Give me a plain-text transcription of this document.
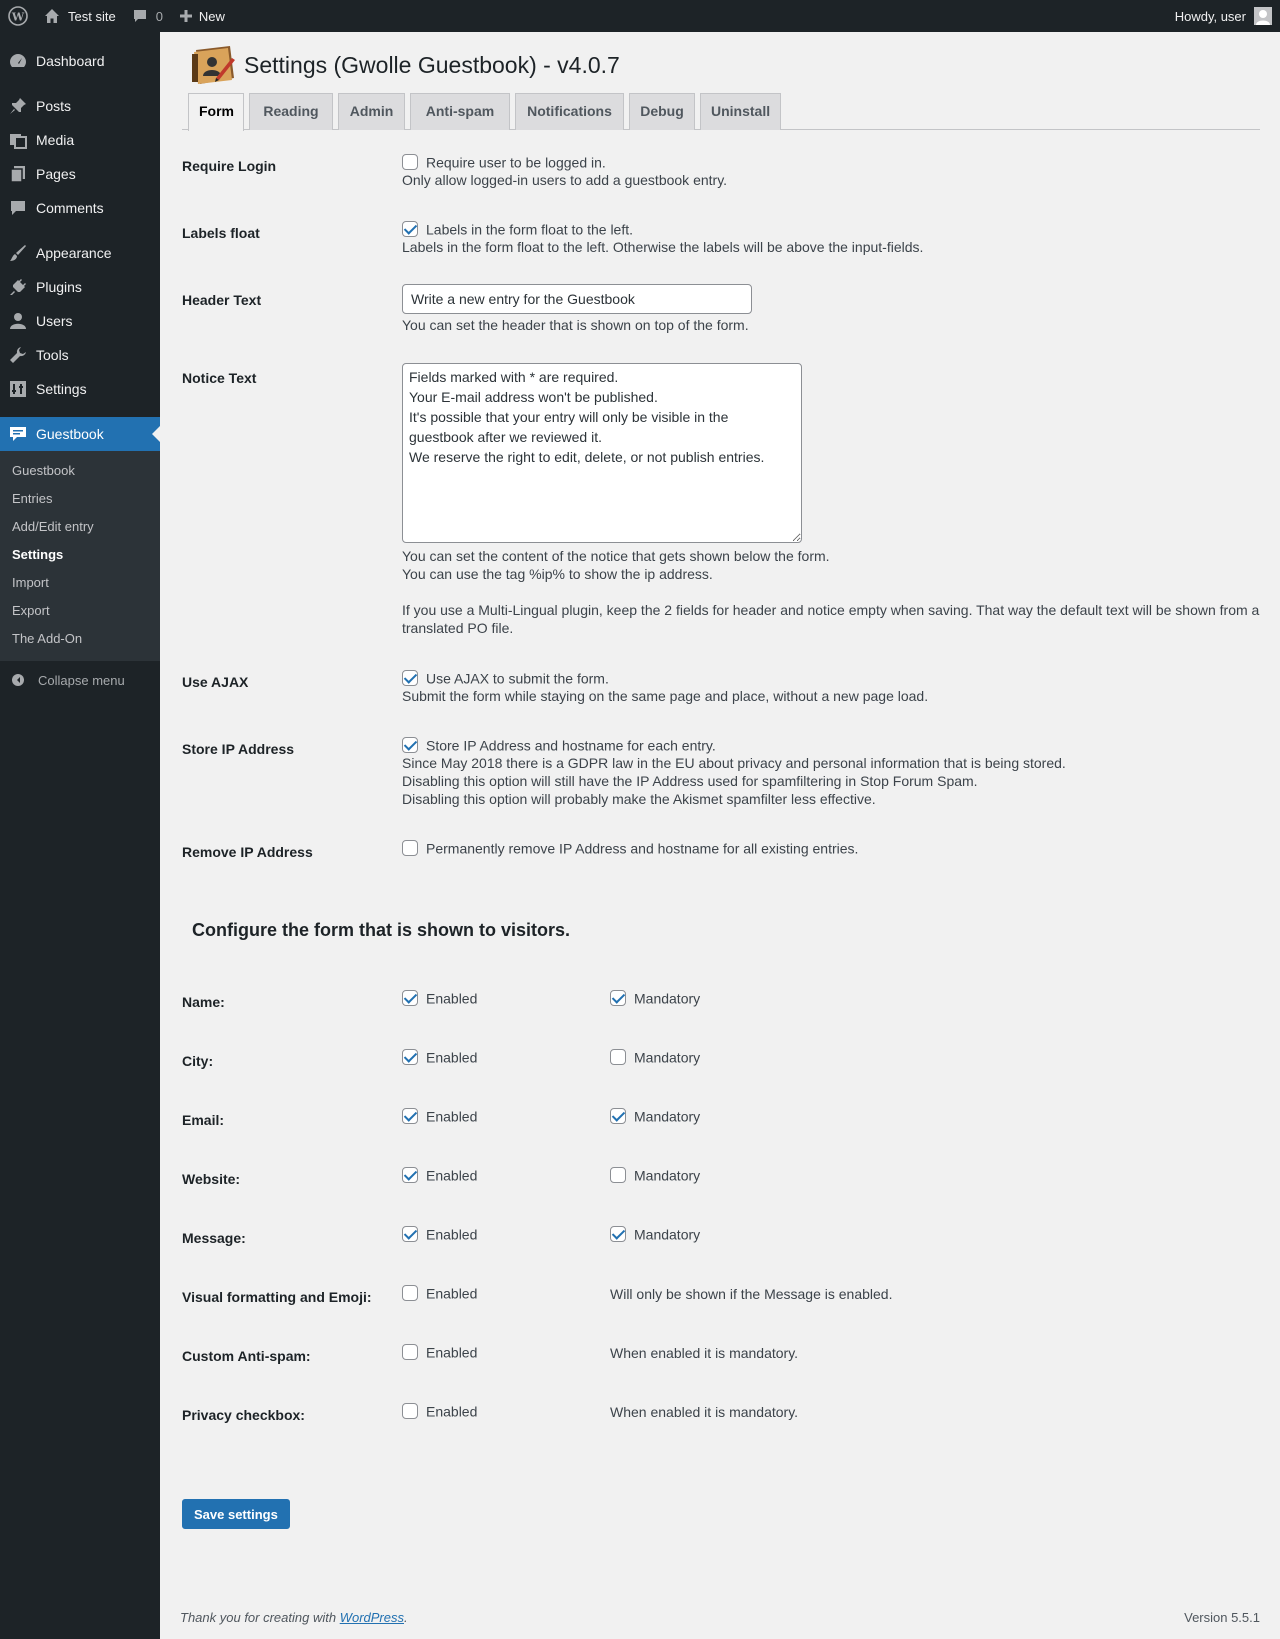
W	Test site	0	New	Howdy, user
Dashboard
Posts
Media
Pages
Comments
Appearance
Plugins
Users
Tools
Settings
Guestbook
Guestbook
Entries
Add/Edit entry
Settings
Import
Export
The Add-On
Collapse menu
Settings (Gwolle Guestbook) - v4.0.7
Form	Reading	Admin	Anti-spam	Notifications	Debug	Uninstall
Require Login	Require user to be logged in.
Only allow logged-in users to add a guestbook entry.
Labels float	Labels in the form float to the left.
Labels in the form float to the left. Otherwise the labels will be above the input-fields.
Header Text
Write a new entry for the Guestbook
You can set the header that is shown on top of the form.
Notice Text
Fields marked with * are required. Your E-mail address won't be published. It's possible that your entry will only be visible in the guestbook after we reviewed it. We reserve the right to edit, delete, or not publish entries.
You can set the content of the notice that gets shown below the form.
You can use the tag %ip% to show the ip address.
If you use a Multi-Lingual plugin, keep the 2 fields for header and notice empty when saving. That way the default text will be shown from a translated PO file.
Use AJAX	Use AJAX to submit the form.
Submit the form while staying on the same page and place, without a new page load.
Store IP Address	Store IP Address and hostname for each entry.
Since May 2018 there is a GDPR law in the EU about privacy and personal information that is being stored.
Disabling this option will still have the IP Address used for spamfiltering in Stop Forum Spam.
Disabling this option will probably make the Akismet spamfilter less effective.
Remove IP Address	Permanently remove IP Address and hostname for all existing entries.
Configure the form that is shown to visitors.
Name:	Enabled	Mandatory
City:	Enabled	Mandatory
Email:	Enabled	Mandatory
Website:	Enabled	Mandatory
Message:	Enabled	Mandatory
Visual formatting and Emoji:	Enabled	Will only be shown if the Message is enabled.
Custom Anti-spam:	Enabled	When enabled it is mandatory.
Privacy checkbox:	Enabled	When enabled it is mandatory.
Save settings
Thank you for creating with WordPress.	Version 5.5.1
